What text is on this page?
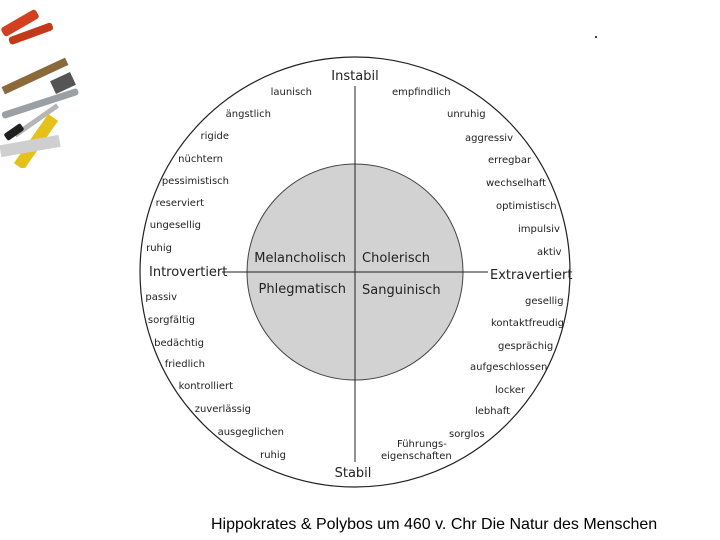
Instabil
Stabil
Introvertiert	Extravertiert
Melancholisch Cholerisch
Phlegmatisch Sanguinisch
launisch
ängstlich
rigide
nüchtern
pessimistisch
reserviert
ungesellig
ruhig
empfindlich
unruhig
aggressiv
erregbar
wechselhaft
optimistisch
impulsiv
aktiv
passiv
sorgfältig
bedächtig
friedlich
kontrolliert
zuverlässig
ausgeglichen
ruhig
gesellig
kontaktfreudig
gesprächig
aufgeschlossen
locker
lebhaft
sorglos
Führungs-
eigenschaften
Hippokrates & Polybos um 460 v. Chr Die Natur des Menschen
